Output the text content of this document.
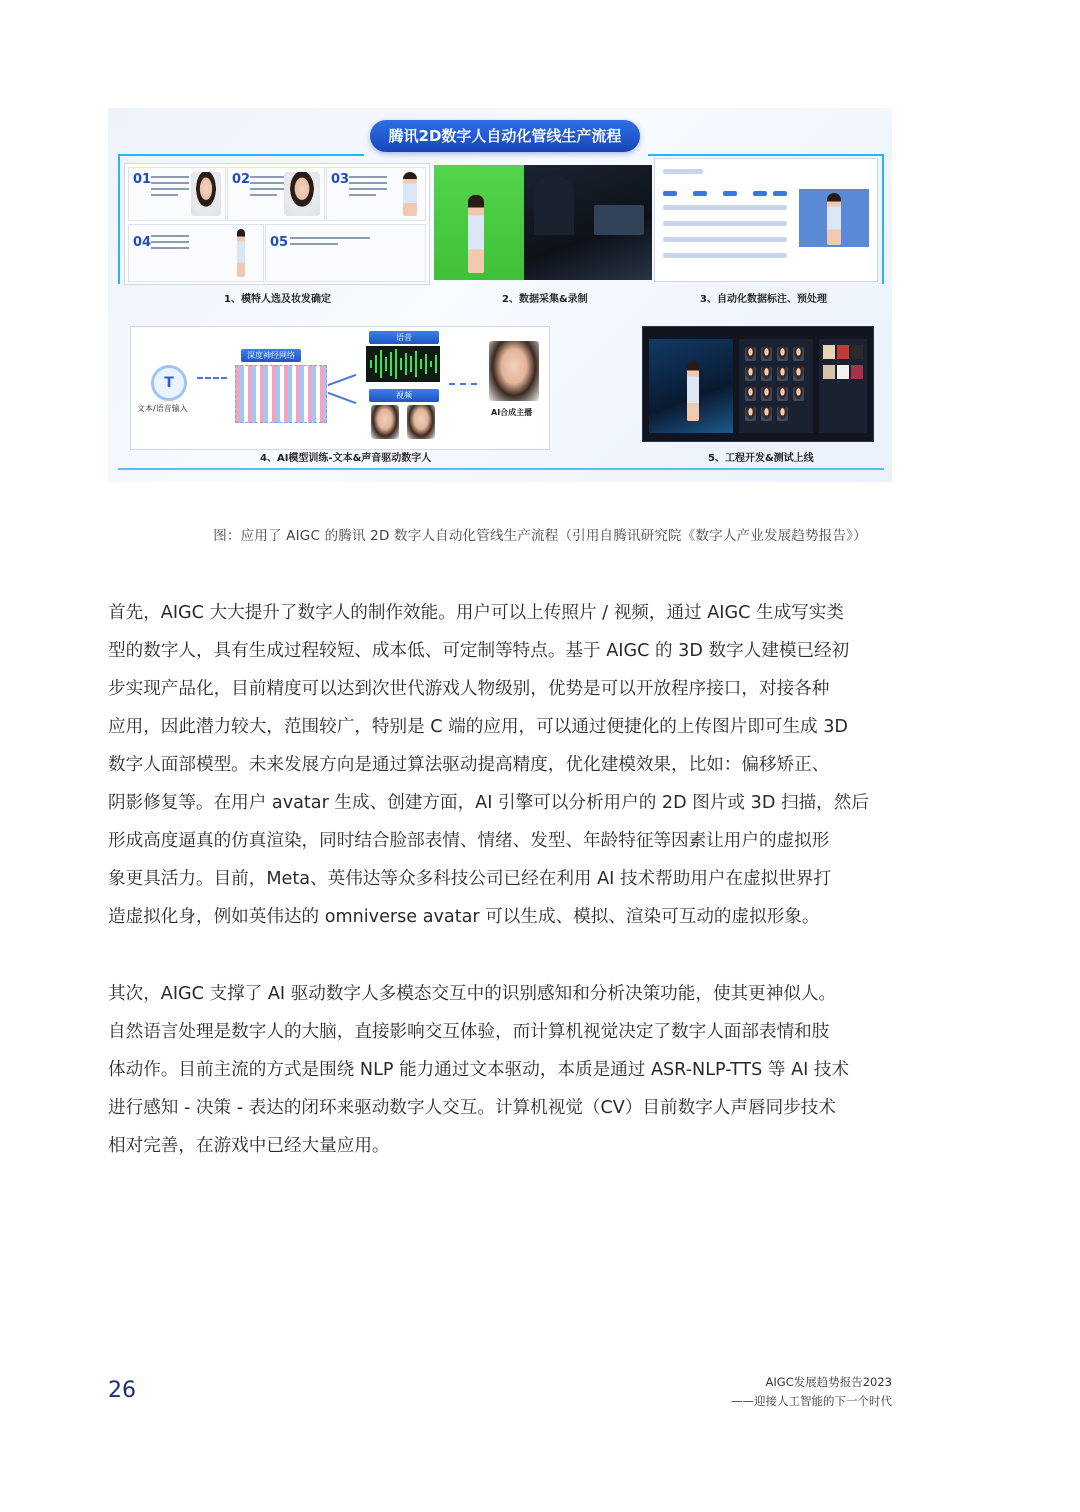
腾讯2D数字人自动化管线生产流程
01	02	03
04	05
1、模特人选及妆发确定	2、数据采集&录制	3、自动化数据标注、预处理
T
文本/语音输入
深度神经网络
语音
视频
AI合成主播
4、AI模型训练-文本&声音驱动数字人	5、工程开发&测试上线
图：应用了 AIGC 的腾讯 2D 数字人自动化管线生产流程（引用自腾讯研究院《数字人产业发展趋势报告》）
首先，AIGC 大大提升了数字人的制作效能。用户可以上传照片 / 视频，通过 AIGC 生成写实类
型的数字人，具有生成过程较短、成本低、可定制等特点。基于 AIGC 的 3D 数字人建模已经初
步实现产品化，目前精度可以达到次世代游戏人物级别，优势是可以开放程序接口，对接各种
应用，因此潜力较大，范围较广，特别是 C 端的应用，可以通过便捷化的上传图片即可生成 3D
数字人面部模型。未来发展方向是通过算法驱动提高精度，优化建模效果，比如：偏移矫正、
阴影修复等。在用户 avatar 生成、创建方面，AI 引擎可以分析用户的 2D 图片或 3D 扫描，然后
形成高度逼真的仿真渲染，同时结合脸部表情、情绪、发型、年龄特征等因素让用户的虚拟形
象更具活力。目前，Meta、英伟达等众多科技公司已经在利用 AI 技术帮助用户在虚拟世界打
造虚拟化身，例如英伟达的 omniverse avatar 可以生成、模拟、渲染可互动的虚拟形象。
其次，AIGC 支撑了 AI 驱动数字人多模态交互中的识别感知和分析决策功能，使其更神似人。
自然语言处理是数字人的大脑，直接影响交互体验，而计算机视觉决定了数字人面部表情和肢
体动作。目前主流的方式是围绕 NLP 能力通过文本驱动，本质是通过 ASR-NLP-TTS 等 AI 技术
进行感知 - 决策 - 表达的闭环来驱动数字人交互。计算机视觉（CV）目前数字人声唇同步技术
相对完善，在游戏中已经大量应用。
26	AIGC发展趋势报告2023
——迎接人工智能的下一个时代
